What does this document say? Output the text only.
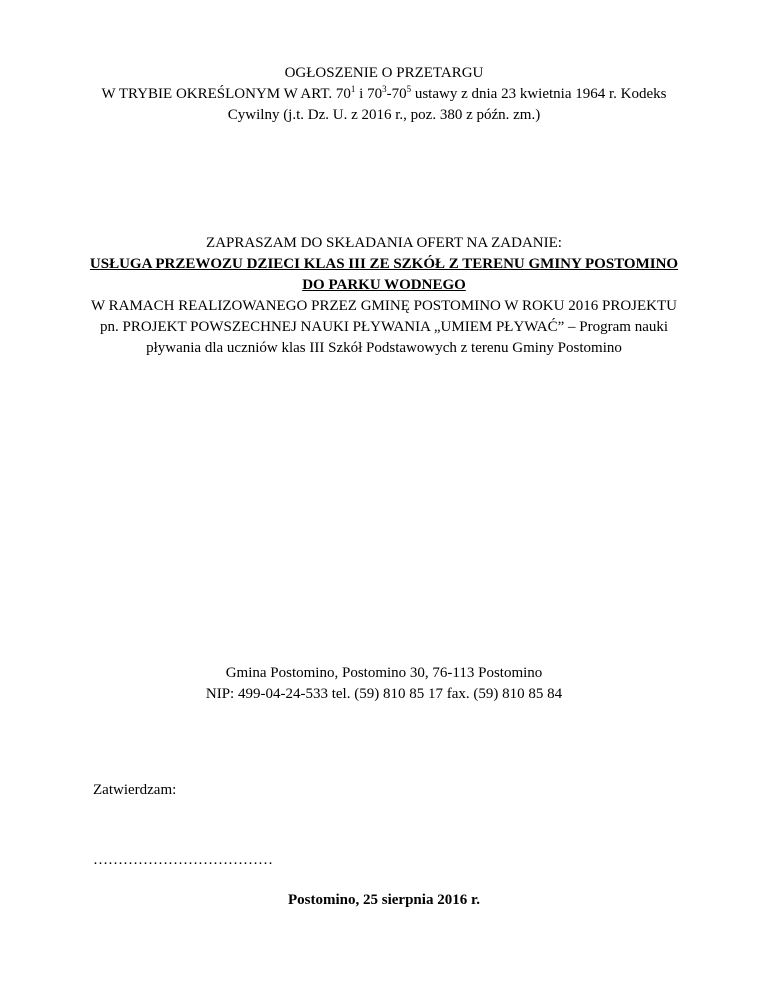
OGŁOSZENIE O PRZETARGU
W TRYBIE OKREŚLONYM W ART. $70^1$ i $70^3-70^5$ ustawy z dnia 23 kwietnia 1964 r. Kodeks
Cywilny (j.t. Dz. U. z 2016 r., poz. 380 z późn. zm.)
ZAPRASZAM DO SKŁADANIA OFERT NA ZADANIE:
USŁUGA PRZEWOZU DZIECI KLAS III ZE SZKÓŁ Z TERENU GMINY POSTOMINO
DO PARKU WODNEGO
W RAMACH REALIZOWANEGO PRZEZ GMINĘ POSTOMINO W ROKU 2016 PROJEKTU
pn. PROJEKT POWSZECHNEJ NAUKI PŁYWANIA „UMIEM PŁYWAĆ” – Program nauki
pływania dla uczniów klas III Szkół Podstawowych z terenu Gminy Postomino
Gmina Postomino, Postomino 30, 76-113 Postomino
NIP: 499-04-24-533 tel. (59) 810 85 17 fax. (59) 810 85 84
Zatwierdzam:
………………………………
Postomino, 25 sierpnia 2016 r.
